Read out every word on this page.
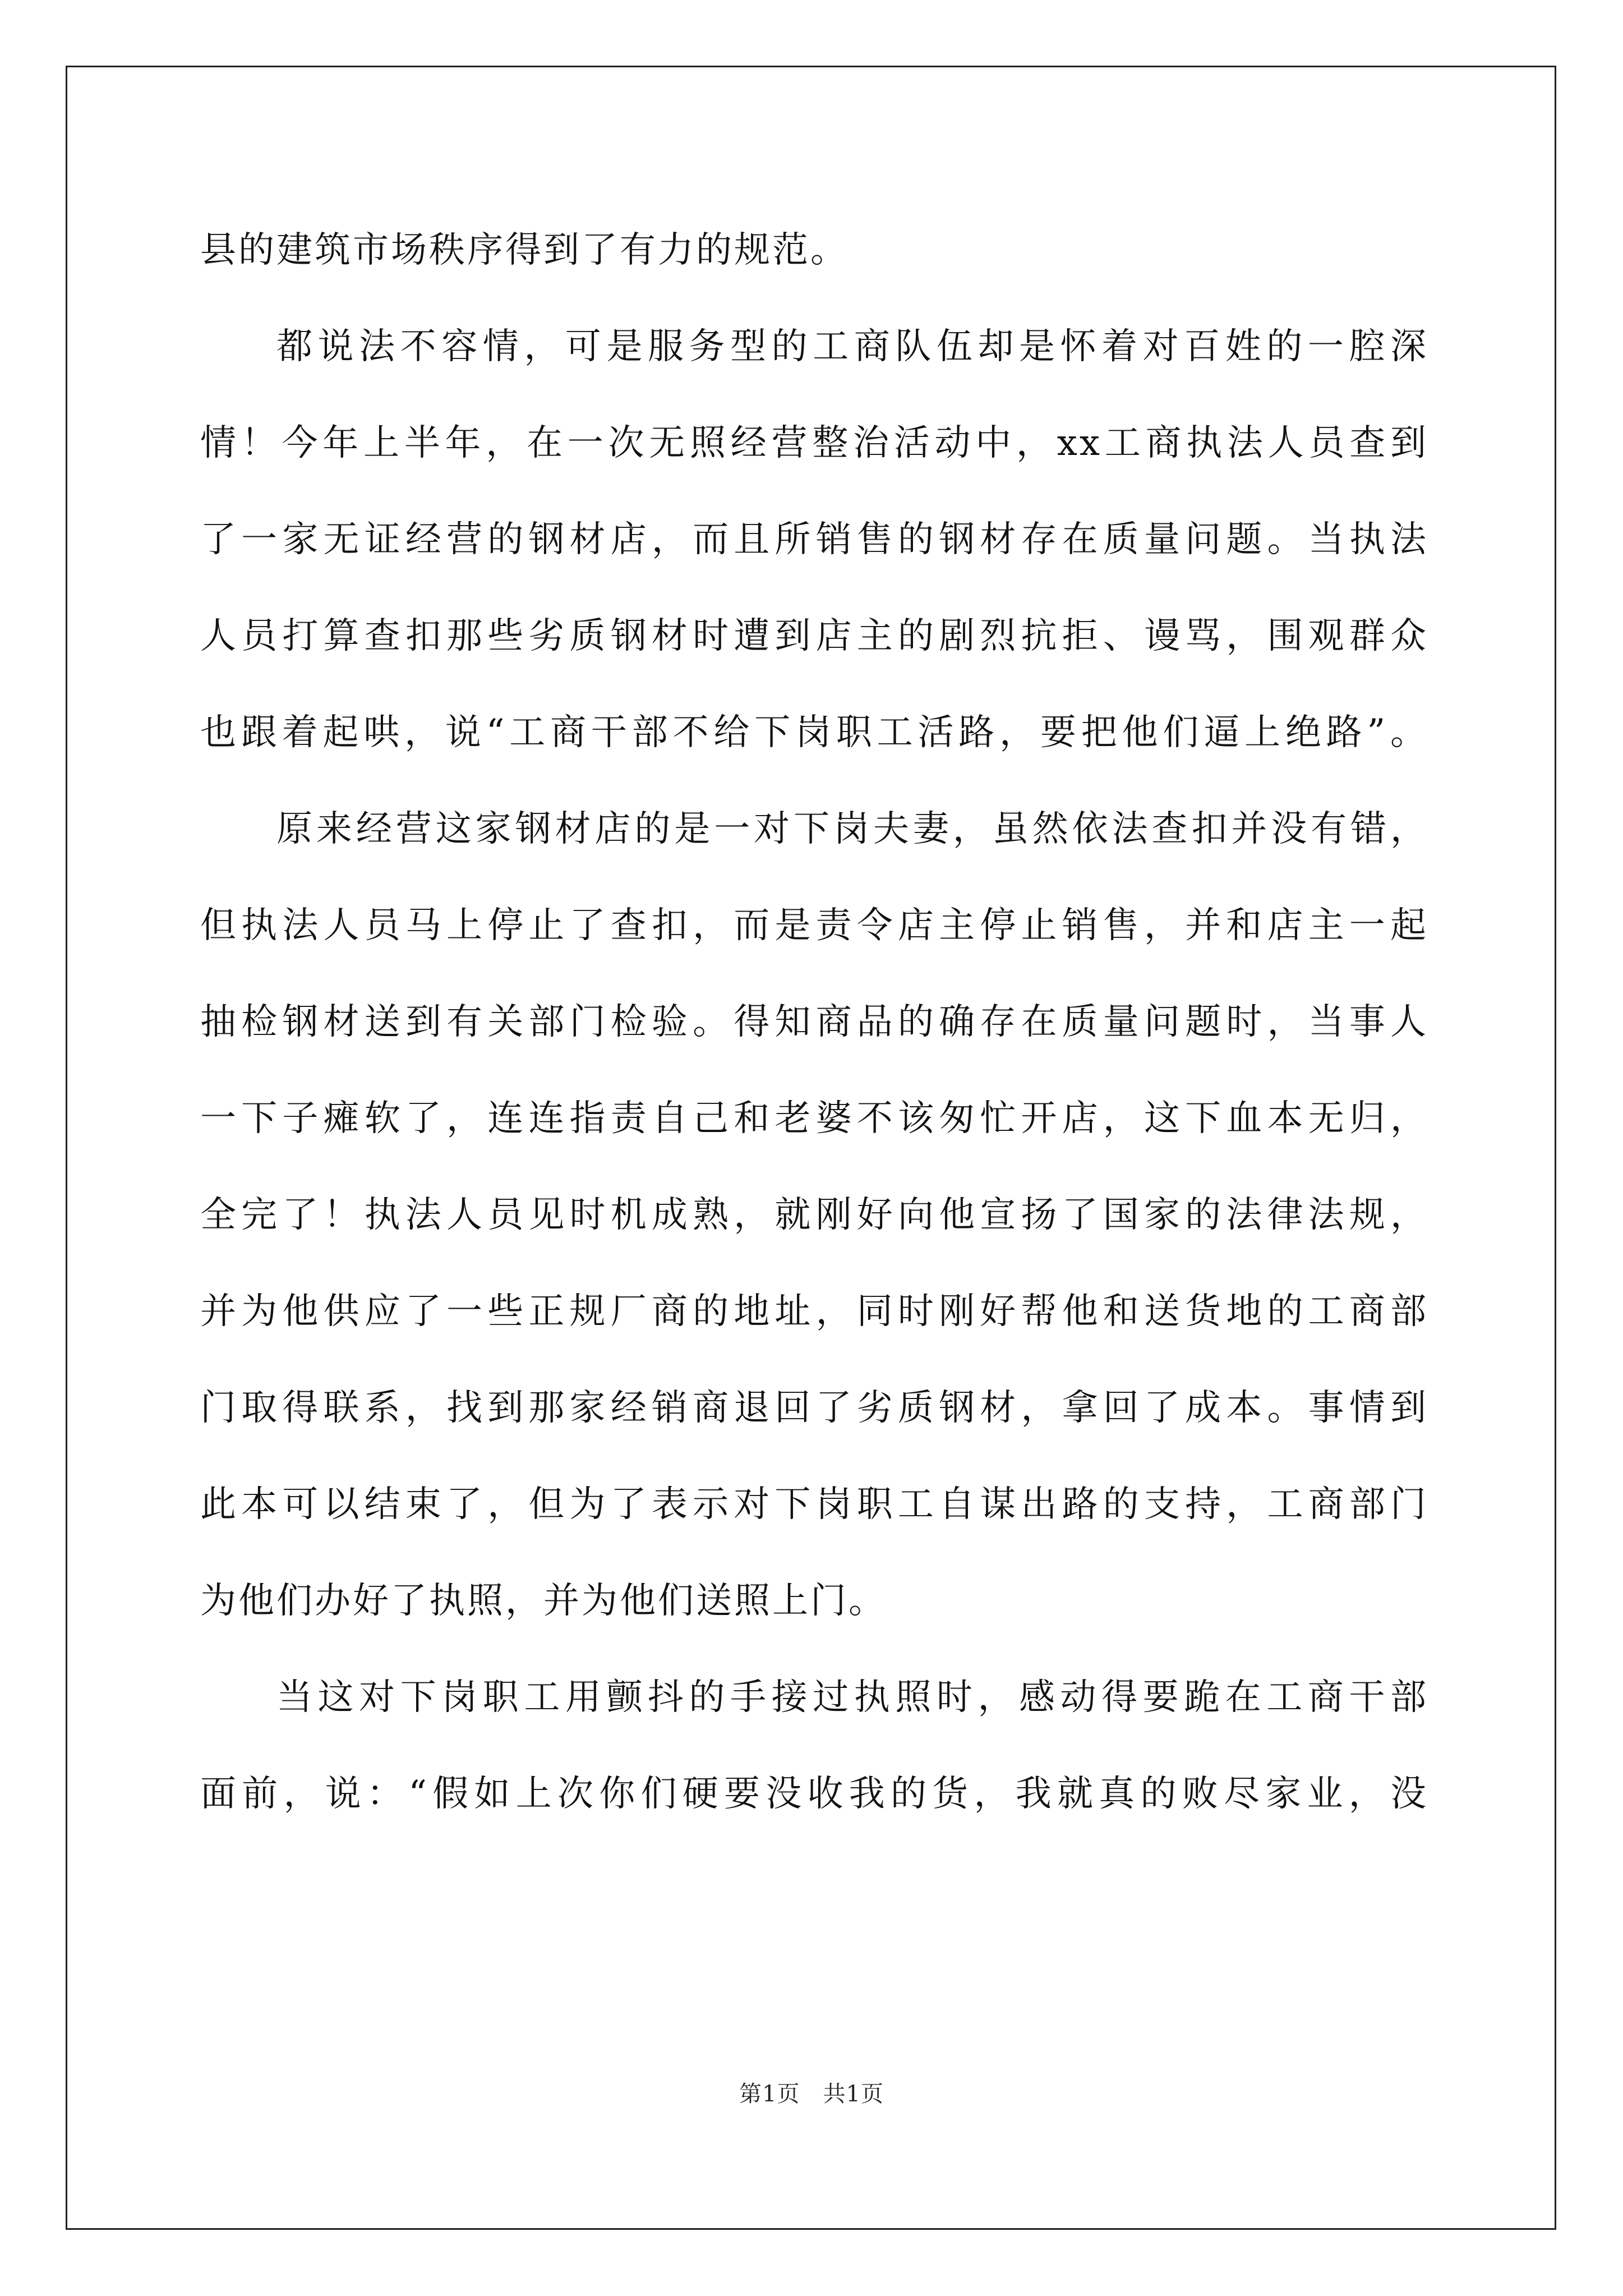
县的建筑市场秩序得到了有力的规范。
都说法不容情，可是服务型的工商队伍却是怀着对百姓的一腔深
情！今年上半年，在一次无照经营整治活动中，xx工商执法人员查到
了一家无证经营的钢材店，而且所销售的钢材存在质量问题。当执法
人员打算查扣那些劣质钢材时遭到店主的剧烈抗拒、谩骂，围观群众
也跟着起哄，说“工商干部不给下岗职工活路，要把他们逼上绝路”。
原来经营这家钢材店的是一对下岗夫妻，虽然依法查扣并没有错，
但执法人员马上停止了查扣，而是责令店主停止销售，并和店主一起
抽检钢材送到有关部门检验。得知商品的确存在质量问题时，当事人
一下子瘫软了，连连指责自己和老婆不该匆忙开店，这下血本无归，
全完了！执法人员见时机成熟，就刚好向他宣扬了国家的法律法规，
并为他供应了一些正规厂商的地址，同时刚好帮他和送货地的工商部
门取得联系，找到那家经销商退回了劣质钢材，拿回了成本。事情到
此本可以结束了，但为了表示对下岗职工自谋出路的支持，工商部门
为他们办好了执照，并为他们送照上门。
当这对下岗职工用颤抖的手接过执照时，感动得要跪在工商干部
面前，说：“假如上次你们硬要没收我的货，我就真的败尽家业，没
第1页　共1页
